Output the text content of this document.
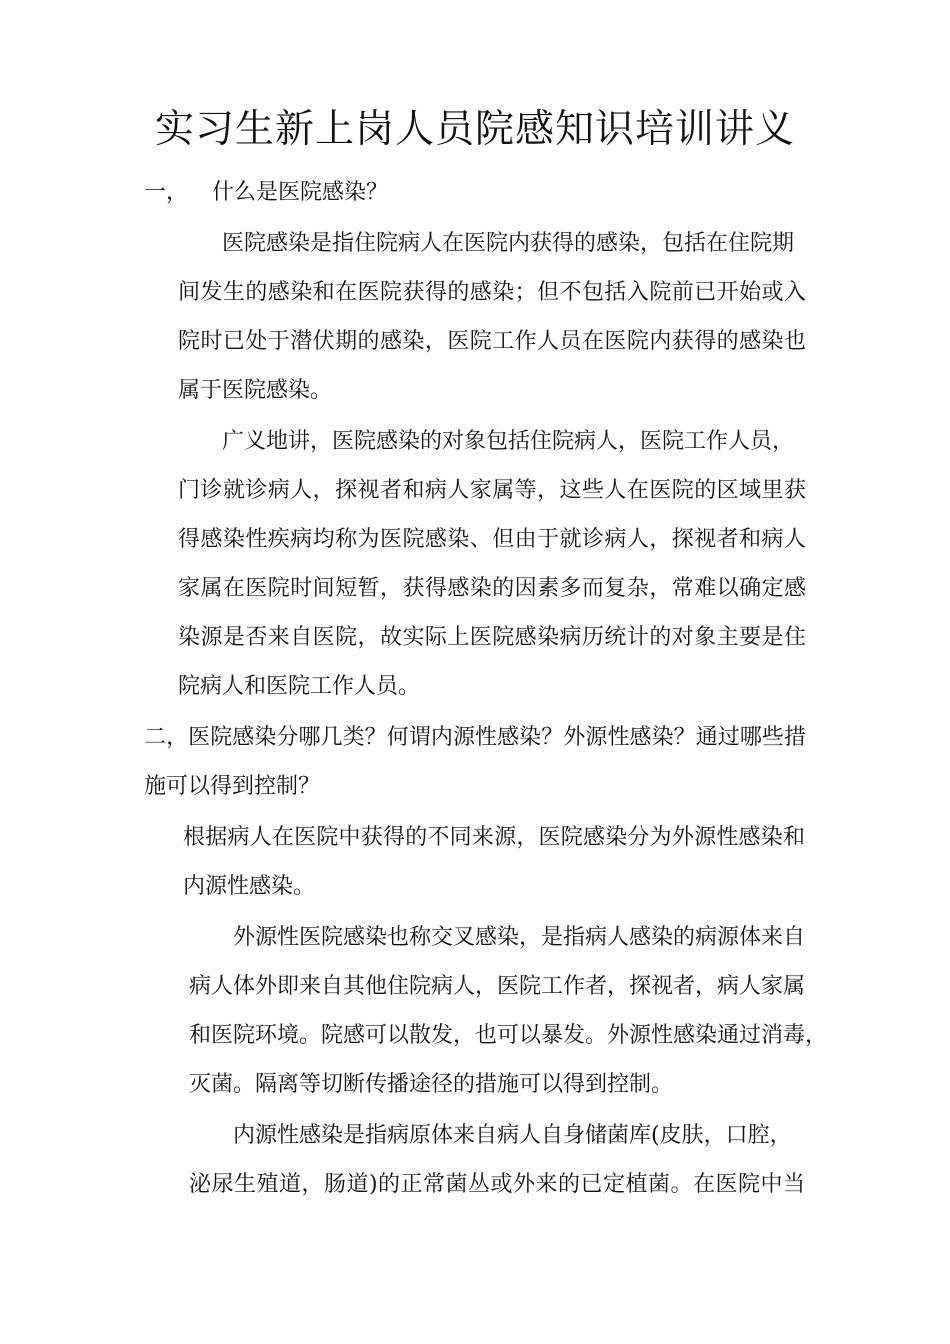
实习生新上岗人员院感知识培训讲义
一， 什么是医院感染？
医院感染是指住院病人在医院内获得的感染，包括在住院期
间发生的感染和在医院获得的感染；但不包括入院前已开始或入
院时已处于潜伏期的感染，医院工作人员在医院内获得的感染也
属于医院感染。
广义地讲，医院感染的对象包括住院病人，医院工作人员，
门诊就诊病人，探视者和病人家属等，这些人在医院的区域里获
得感染性疾病均称为医院感染、但由于就诊病人，探视者和病人
家属在医院时间短暂，获得感染的因素多而复杂，常难以确定感
染源是否来自医院，故实际上医院感染病历统计的对象主要是住
院病人和医院工作人员。
二，医院感染分哪几类？何谓内源性感染？外源性感染？通过哪些措
施可以得到控制？
根据病人在医院中获得的不同来源，医院感染分为外源性感染和
内源性感染。
外源性医院感染也称交叉感染，是指病人感染的病源体来自
病人体外即来自其他住院病人，医院工作者，探视者，病人家属
和医院环境。院感可以散发，也可以暴发。外源性感染通过消毒，
灭菌。隔离等切断传播途径的措施可以得到控制。
内源性感染是指病原体来自病人自身储菌库(皮肤，口腔，
泌尿生殖道，肠道)的正常菌丛或外来的已定植菌。在医院中当
